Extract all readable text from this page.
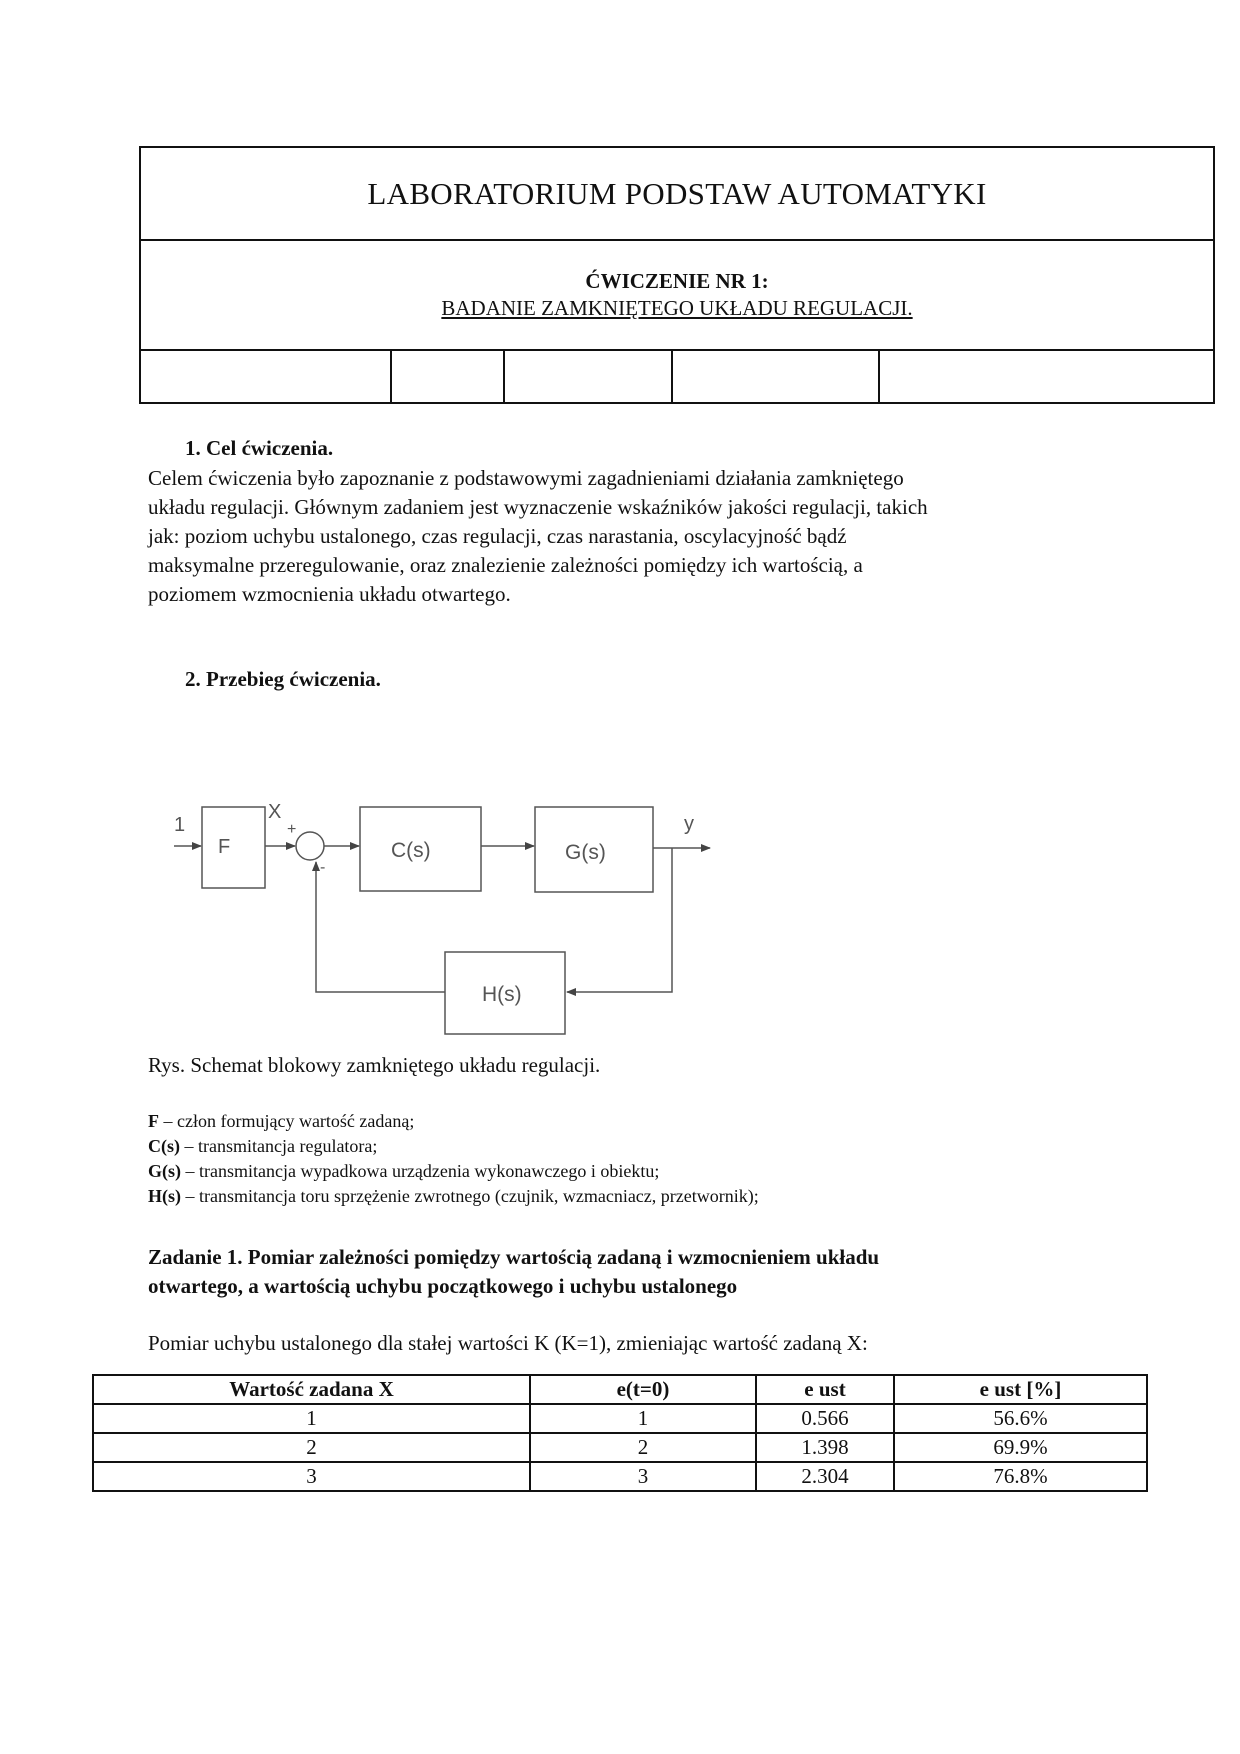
LABORATORIUM PODSTAW AUTOMATYKI
ĆWICZENIE NR 1:
BADANIE ZAMKNIĘTEGO UKŁADU REGULACJI.
1. Cel ćwiczenia.
Celem ćwiczenia było zapoznanie z podstawowymi zagadnieniami działania zamkniętego
układu regulacji. Głównym zadaniem jest wyznaczenie wskaźników jakości regulacji, takich
jak: poziom uchybu ustalonego, czas regulacji, czas narastania, oscylacyjność bądź
maksymalne przeregulowanie, oraz znalezienie zależności pomiędzy ich wartością, a
poziomem wzmocnienia układu otwartego.
2. Przebieg ćwiczenia.
1
F
X
+
-
C(s)	G(s)
y
H(s)
Rys. Schemat blokowy zamkniętego układu regulacji.
F – człon formujący wartość zadaną;
C(s) – transmitancja regulatora;
G(s) – transmitancja wypadkowa urządzenia wykonawczego i obiektu;
H(s) – transmitancja toru sprzężenie zwrotnego (czujnik, wzmacniacz, przetwornik);
Zadanie 1. Pomiar zależności pomiędzy wartością zadaną i wzmocnieniem układu
otwartego, a wartością uchybu początkowego i uchybu ustalonego
Pomiar uchybu ustalonego dla stałej wartości K (K=1), zmieniając wartość zadaną X:
Wartość zadana X	e(t=0)	e ust	e ust [%]
1	1	0.566	56.6%
2	2	1.398	69.9%
3	3	2.304	76.8%
